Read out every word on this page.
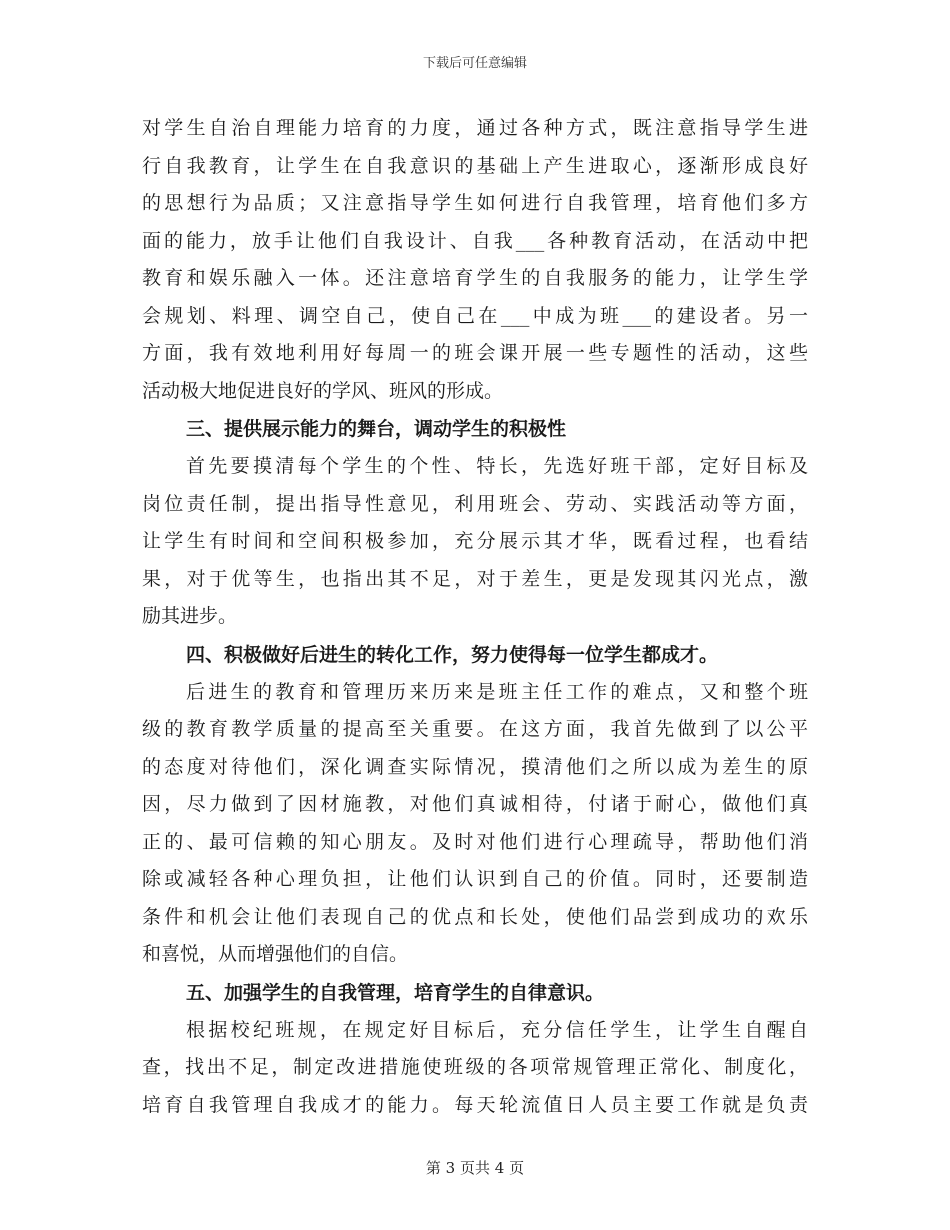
下载后可任意编辑
对学生自治自理能力培育的力度，通过各种方式，既注意指导学生进
行自我教育，让学生在自我意识的基础上产生进取心，逐渐形成良好
的思想行为品质；又注意指导学生如何进行自我管理，培育他们多方
面的能力，放手让他们自我设计、自我___各种教育活动，在活动中把
教育和娱乐融入一体。还注意培育学生的自我服务的能力，让学生学
会规划、料理、调空自己，使自己在___中成为班___的建设者。另一
方面，我有效地利用好每周一的班会课开展一些专题性的活动，这些
活动极大地促进良好的学风、班风的形成。
三、提供展示能力的舞台，调动学生的积极性
首先要摸清每个学生的个性、特长，先选好班干部，定好目标及
岗位责任制，提出指导性意见，利用班会、劳动、实践活动等方面，
让学生有时间和空间积极参加，充分展示其才华，既看过程，也看结
果，对于优等生，也指出其不足，对于差生，更是发现其闪光点，激
励其进步。
四、积极做好后进生的转化工作，努力使得每一位学生都成才。
后进生的教育和管理历来历来是班主任工作的难点，又和整个班
级的教育教学质量的提高至关重要。在这方面，我首先做到了以公平
的态度对待他们，深化调查实际情况，摸清他们之所以成为差生的原
因，尽力做到了因材施教，对他们真诚相待，付诸于耐心，做他们真
正的、最可信赖的知心朋友。及时对他们进行心理疏导，帮助他们消
除或减轻各种心理负担，让他们认识到自己的价值。同时，还要制造
条件和机会让他们表现自己的优点和长处，使他们品尝到成功的欢乐
和喜悦，从而增强他们的自信。
五、加强学生的自我管理，培育学生的自律意识。
根据校纪班规，在规定好目标后，充分信任学生，让学生自醒自
查，找出不足，制定改进措施使班级的各项常规管理正常化、制度化，
培育自我管理自我成才的能力。每天轮流值日人员主要工作就是负责
第 3 页共 4 页
